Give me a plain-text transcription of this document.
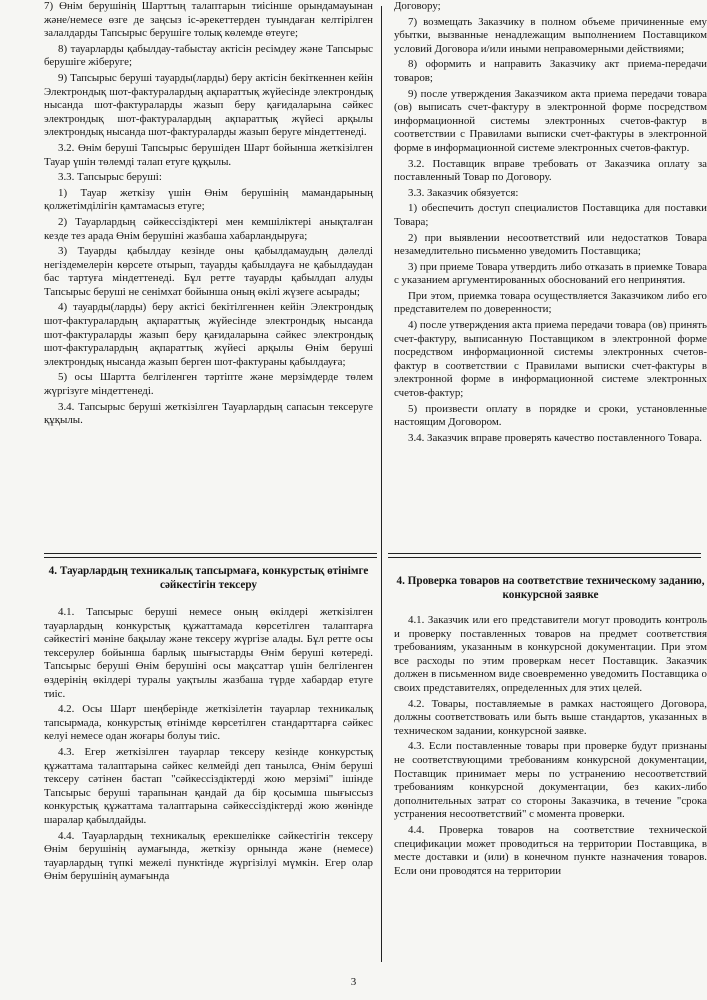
7) Өнім берушінің Шарттың талаптарын тиісінше орындамауынан және/немесе өзге де заңсыз іс-әрекеттерден туындаған келтірілген залалдарды Тапсырыс берушіге толық көлемде өтеуге;

8) тауарларды қабылдау-табыстау актісін ресімдеу және Тапсырыс берушіге жіберуге;

9) Тапсырыс беруші тауарды(ларды) беру актісін бекіткеннен кейін Электрондық шот-фактуралардың ақпараттық жүйесінде электрондық нысанда шот-фактураларды жазып беру қағидаларына сәйкес электрондық шот-фактуралардың ақпараттық жүйесі арқылы электрондық нысанда шот-фактураларды жазып беруге міндеттенеді.

3.2. Өнім беруші Тапсырыс берушіден Шарт бойынша жеткізілген Тауар үшін төлемді талап етуге құқылы.

3.3. Тапсырыс беруші:

1) Тауар жеткізу үшін Өнім берушінің мамандарының қолжетімділігін қамтамасыз етуге;

2) Тауарлардың сәйкессіздіктері мен кемшіліктері анықталған кезде тез арада Өнім берушіні жазбаша хабарландыруға;

3) Тауарды қабылдау кезінде оны қабылдамаудың дәлелді негіздемелерін көрсете отырып, тауарды қабылдауға не қабылдаудан бас тартуға міндеттенеді. Бұл ретте тауарды қабылдап алуды Тапсырыс беруші не сенімхат бойынша оның өкілі жүзеге асырады;

4) тауарды(ларды) беру актісі бекітілгеннен кейін Электрондық шот-фактуралардың ақпараттық жүйесінде электрондық нысанда шот-фактураларды жазып беру қағидаларына сәйкес электрондық шот-фактуралардың ақпараттық жүйесі арқылы Өнім беруші электрондық нысанда жазып берген шот-фактураны қабылдауға;

5) осы Шартта белгіленген тәртіпте және мерзімдерде төлем жүргізуге міндеттенеді.

3.4. Тапсырыс беруші жеткізілген Тауарлардың сапасын тексеруге құқылы.

4. Тауарлардың техникалық тапсырмаға, конкурстық өтінімге сәйкестігін тексеру

4.1. Тапсырыс беруші немесе оның өкілдері жеткізілген тауарлардың конкурстық құжаттамада көрсетілген талаптарға сәйкестігі мәніне бақылау және тексеру жүргізе алады. Бұл ретте осы тексерулер бойынша барлық шығыстарды Өнім беруші көтереді. Тапсырыс беруші Өнім берушіні осы мақсаттар үшін белгіленген өздерінің өкілдері туралы уақтылы жазбаша түрде хабардар етуге тиіс.

4.2. Осы Шарт шеңберінде жеткізілетін тауарлар техникалық тапсырмада, конкурстық өтінімде көрсетілген стандарттарға сәйкес келуі немесе одан жоғары болуы тиіс.

4.3. Егер жеткізілген тауарлар тексеру кезінде конкурстық құжаттама талаптарына сәйкес келмейді деп танылса, Өнім беруші тексеру сәтінен бастап "сәйкессіздіктерді жою мерзімі" ішінде Тапсырыс беруші тарапынан қандай да бір қосымша шығыссыз конкурстық құжаттама талаптарына сәйкессіздіктерді жою жөнінде шаралар қабылдайды.

4.4. Тауарлардың техникалық ерекшелікке сәйкестігін тексеру Өнім берушінің аумағында, жеткізу орнында және (немесе) тауарлардың түпкі межелі пунктінде жүргізілуі мүмкін. Егер олар Өнім берушінің аумағында

Договору;

7) возмещать Заказчику в полном объеме причиненные ему убытки, вызванные ненадлежащим выполнением Поставщиком условий Договора и/или иными неправомерными действиями;

8) оформить и направить Заказчику акт приема-передачи товаров;

9) после утверждения Заказчиком акта приема передачи товара (ов) выписать счет-фактуру в электронной форме посредством информационной системы электронных счетов-фактур в соответствии с Правилами выписки счет-фактуры в электронной форме в информационной системе электронных счетов-фактур.

3.2. Поставщик вправе требовать от Заказчика оплату за поставленный Товар по Договору.

3.3. Заказчик обязуется:

1) обеспечить доступ специалистов Поставщика для поставки Товара;

2) при выявлении несоответствий или недостатков Товара незамедлительно письменно уведомить Поставщика;

3) при приеме Товара утвердить либо отказать в приемке Товара с указанием аргументированных обоснований его непринятия.

При этом, приемка товара осуществляется Заказчиком либо его представителем по доверенности;

4) после утверждения акта приема передачи товара (ов) принять счет-фактуру, выписанную Поставщиком в электронной форме посредством информационной системы электронных счетов-фактур в соответствии с Правилами выписки счет-фактуры в электронной форме в информационной системе электронных счетов-фактур;

5) произвести оплату в порядке и сроки, установленные настоящим Договором.

3.4. Заказчик вправе проверять качество поставленного Товара.

4. Проверка товаров на соответствие техническому заданию, конкурсной заявке

4.1. Заказчик или его представители могут проводить контроль и проверку поставленных товаров на предмет соответствия требованиям, указанным в конкурсной документации. При этом все расходы по этим проверкам несет Поставщик. Заказчик должен в письменном виде своевременно уведомить Поставщика о своих представителях, определенных для этих целей.

4.2. Товары, поставляемые в рамках настоящего Договора, должны соответствовать или быть выше стандартов, указанных в техническом задании, конкурсной заявке.

4.3. Если поставленные товары при проверке будут признаны не соответствующими требованиям конкурсной документации, Поставщик принимает меры по устранению несоответствий требованиям конкурсной документации, без каких-либо дополнительных затрат со стороны Заказчика, в течение "срока устранения несоответствий" с момента проверки.

4.4. Проверка товаров на соответствие технической спецификации может проводиться на территории Поставщика, в месте доставки и (или) в конечном пункте назначения товаров. Если они проводятся на территории

3
